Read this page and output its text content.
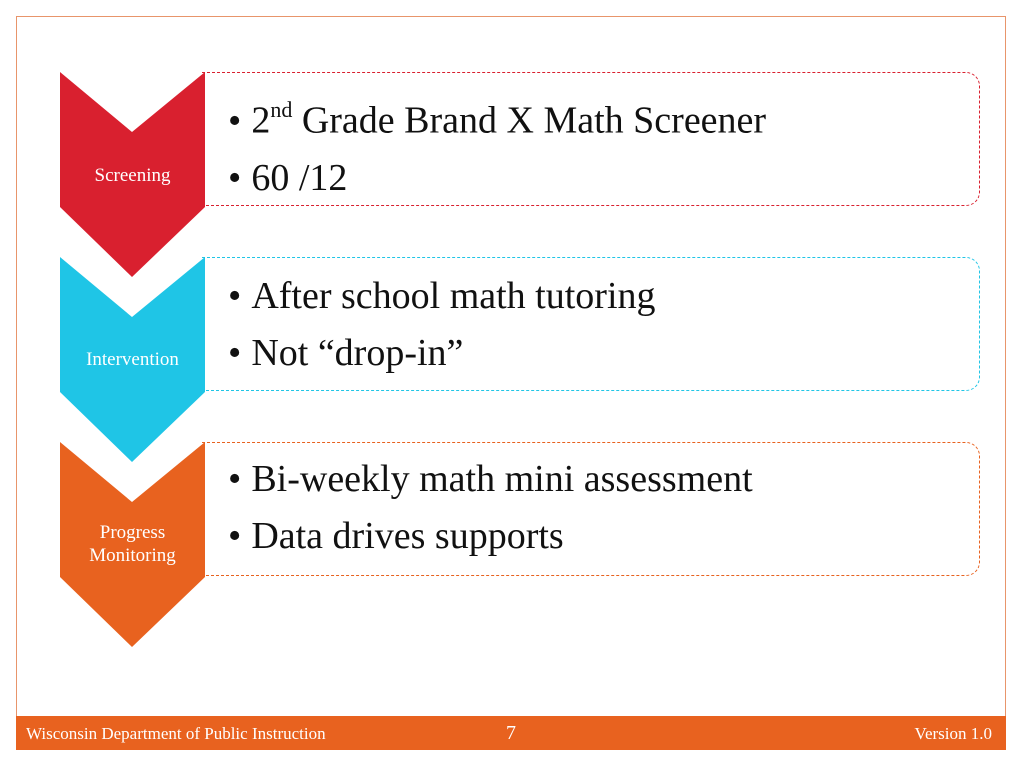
Screening
• 2nd Grade Brand X Math Screener
• 60 /12
Intervention
• After school math tutoring
• Not “drop-in”
Progress Monitoring
• Bi-weekly math mini assessment
• Data drives supports
Wisconsin Department of Public Instruction	7	Version 1.0
